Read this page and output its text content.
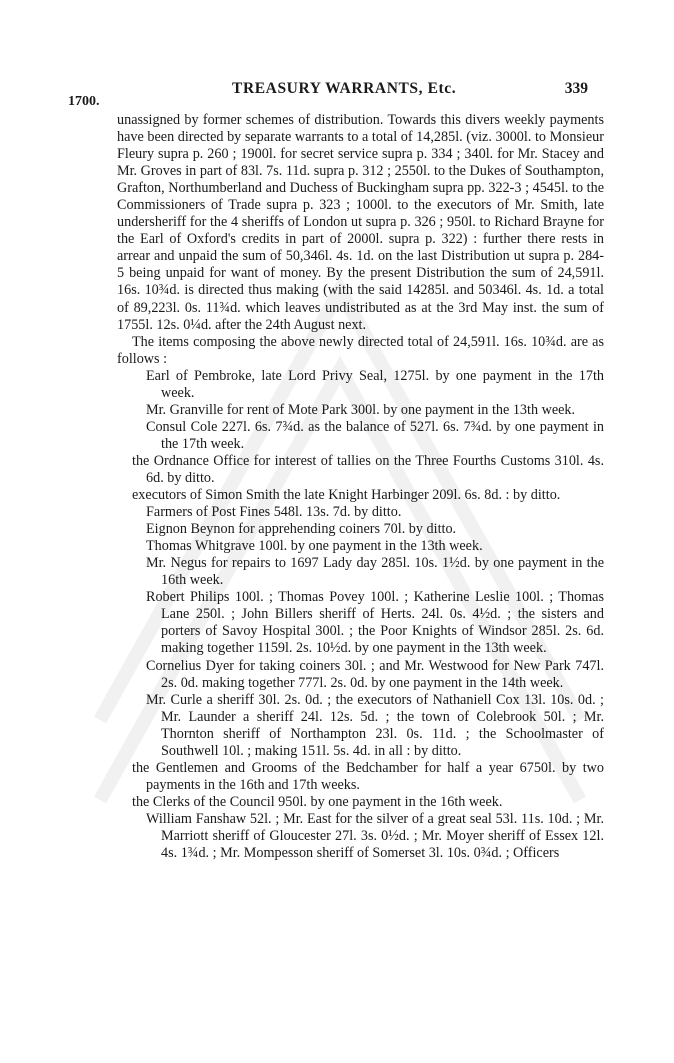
TREASURY WARRANTS, Etc.	339
1700.

unassigned by former schemes of distribution. Towards this divers weekly payments have been directed by separate warrants to a total of 14,285l. (viz. 3000l. to Monsieur Fleury supra p. 260 ; 1900l. for secret service supra p. 334 ; 340l. for Mr. Stacey and Mr. Groves in part of 83l. 7s. 11d. supra p. 312 ; 2550l. to the Dukes of Southampton, Grafton, Northumberland and Duchess of Buckingham supra pp. 322-3 ; 4545l. to the Commissioners of Trade supra p. 323 ; 1000l. to the executors of Mr. Smith, late undersheriff for the 4 sheriffs of London ut supra p. 326 ; 950l. to Richard Brayne for the Earl of Oxford's credits in part of 2000l. supra p. 322) : further there rests in arrear and unpaid the sum of 50,346l. 4s. 1d. on the last Distribution ut supra p. 284-5 being unpaid for want of money. By the present Distribution the sum of 24,591l. 16s. 10¾d. is directed thus making (with the said 14285l. and 50346l. 4s. 1d. a total of 89,223l. 0s. 11¾d. which leaves undistributed as at the 3rd May inst. the sum of 1755l. 12s. 0¼d. after the 24th August next.

The items composing the above newly directed total of 24,591l. 16s. 10¾d. are as follows :

Earl of Pembroke, late Lord Privy Seal, 1275l. by one payment in the 17th week.
Mr. Granville for rent of Mote Park 300l. by one payment in the 13th week.
Consul Cole 227l. 6s. 7¾d. as the balance of 527l. 6s. 7¾d. by one payment in the 17th week.
the Ordnance Office for interest of tallies on the Three Fourths Customs 310l. 4s. 6d. by ditto.
executors of Simon Smith the late Knight Harbinger 209l. 6s. 8d. : by ditto.
Farmers of Post Fines 548l. 13s. 7d. by ditto.
Eignon Beynon for apprehending coiners 70l. by ditto.
Thomas Whitgrave 100l. by one payment in the 13th week.
Mr. Negus for repairs to 1697 Lady day 285l. 10s. 1½d. by one payment in the 16th week.
Robert Philips 100l. ; Thomas Povey 100l. ; Katherine Leslie 100l. ; Thomas Lane 250l. ; John Billers sheriff of Herts. 24l. 0s. 4½d. ; the sisters and porters of Savoy Hospital 300l. ; the Poor Knights of Windsor 285l. 2s. 6d. making together 1159l. 2s. 10½d. by one payment in the 13th week.
Cornelius Dyer for taking coiners 30l. ; and Mr. Westwood for New Park 747l. 2s. 0d. making together 777l. 2s. 0d. by one payment in the 14th week.
Mr. Curle a sheriff 30l. 2s. 0d. ; the executors of Nathaniell Cox 13l. 10s. 0d. ; Mr. Launder a sheriff 24l. 12s. 5d. ; the town of Colebrook 50l. ; Mr. Thornton sheriff of Northampton 23l. 0s. 11d. ; the Schoolmaster of Southwell 10l. ; making 151l. 5s. 4d. in all : by ditto.
the Gentlemen and Grooms of the Bedchamber for half a year 6750l. by two payments in the 16th and 17th weeks.
the Clerks of the Council 950l. by one payment in the 16th week.
William Fanshaw 52l. ; Mr. East for the silver of a great seal 53l. 11s. 10d. ; Mr. Marriott sheriff of Gloucester 27l. 3s. 0½d. ; Mr. Moyer sheriff of Essex 12l. 4s. 1¾d. ; Mr. Mompesson sheriff of Somerset 3l. 10s. 0¾d. ; Officers
